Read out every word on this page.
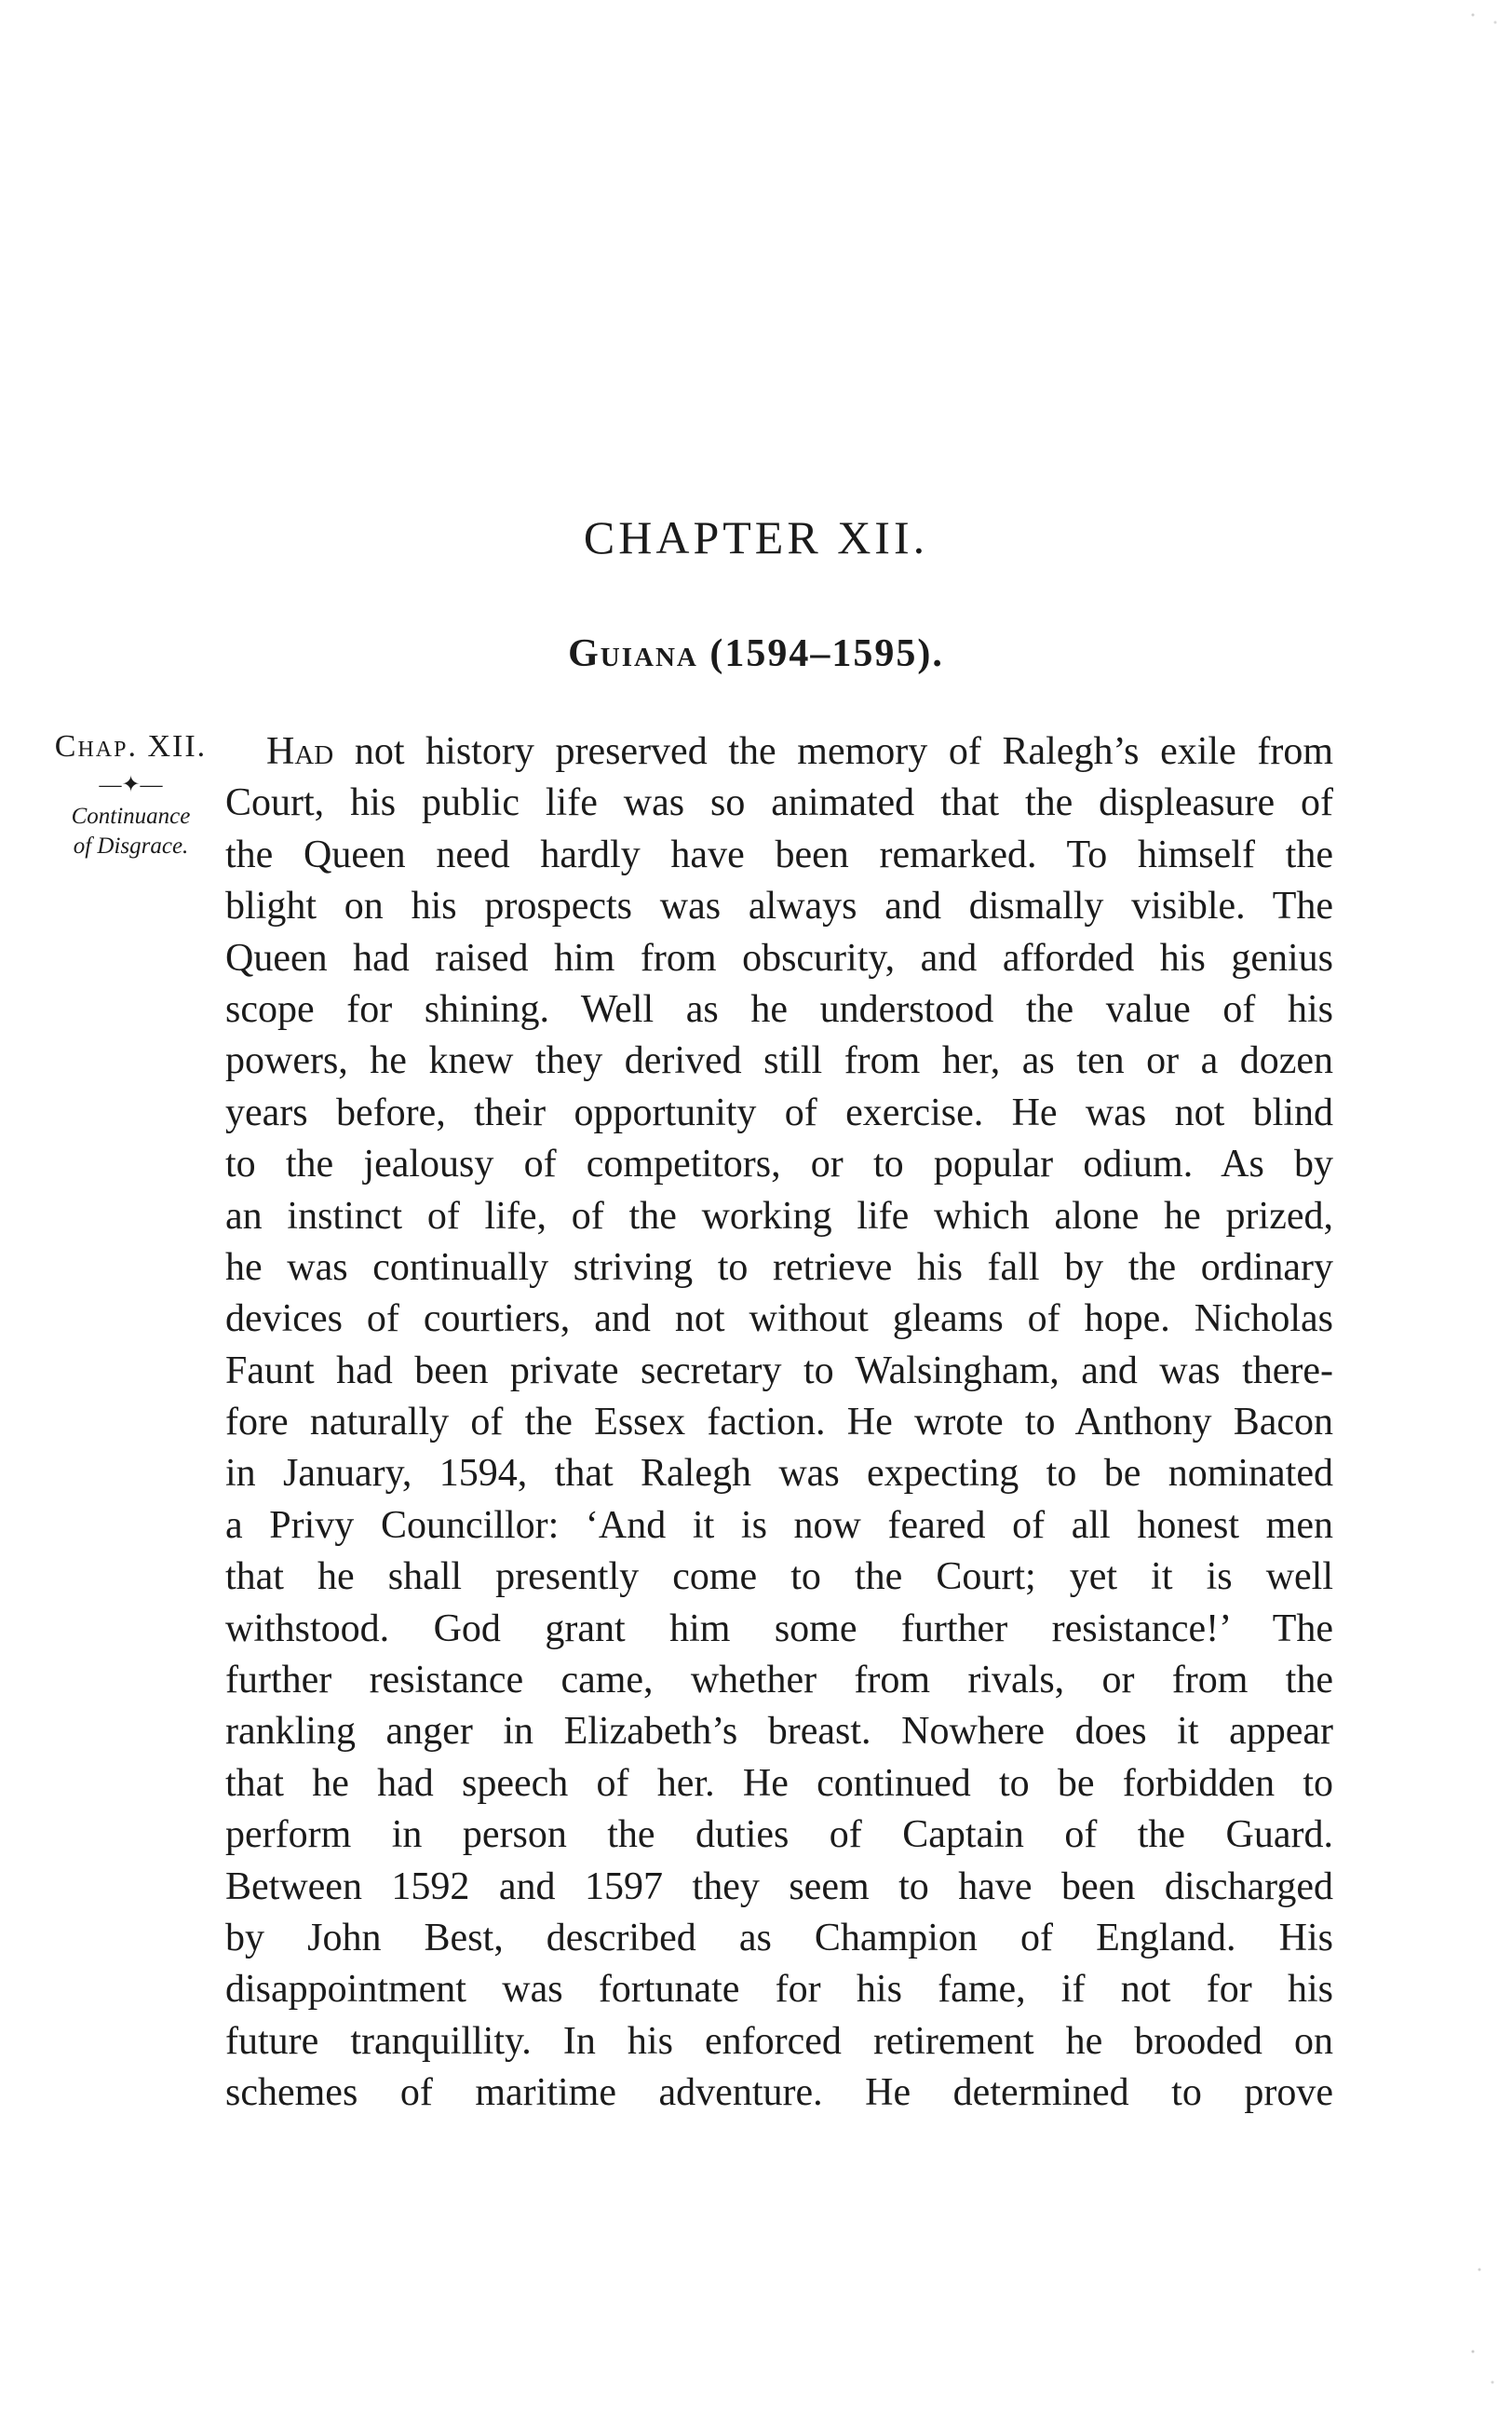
CHAPTER XII.
Guiana (1594–1595).
Chap. XII.
—✦—
Continuance
of Disgrace.
Had not history preserved the memory of Ralegh’s exile from
Court, his public life was so animated that the displeasure of
the Queen need hardly have been remarked. To himself the
blight on his prospects was always and dismally visible. The
Queen had raised him from obscurity, and afforded his genius
scope for shining. Well as he understood the value of his
powers, he knew they derived still from her, as ten or a dozen
years before, their opportunity of exercise. He was not blind
to the jealousy of competitors, or to popular odium. As by
an instinct of life, of the working life which alone he prized,
he was continually striving to retrieve his fall by the ordinary
devices of courtiers, and not without gleams of hope. Nicholas
Faunt had been private secretary to Walsingham, and was there-
fore naturally of the Essex faction. He wrote to Anthony Bacon
in January, 1594, that Ralegh was expecting to be nominated
a Privy Councillor: ‘And it is now feared of all honest men
that he shall presently come to the Court; yet it is well
withstood. God grant him some further resistance!’ The
further resistance came, whether from rivals, or from the
rankling anger in Elizabeth’s breast. Nowhere does it appear
that he had speech of her. He continued to be forbidden to
perform in person the duties of Captain of the Guard.
Between 1592 and 1597 they seem to have been discharged
by John Best, described as Champion of England. His
disappointment was fortunate for his fame, if not for his
future tranquillity. In his enforced retirement he brooded on
schemes of maritime adventure. He determined to prove
